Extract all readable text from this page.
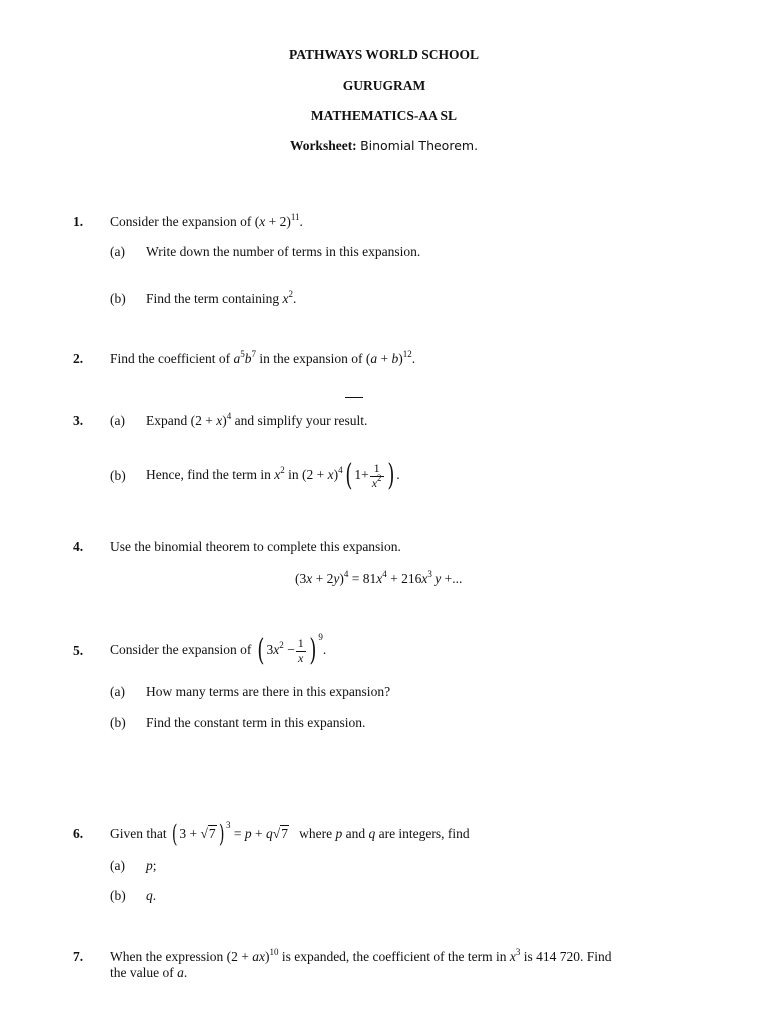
PATHWAYS WORLD SCHOOL
GURUGRAM
MATHEMATICS-AA SL
Worksheet: Binomial Theorem.
1.	Consider the expansion of $(x + 2)^{11}$.
(a) Write down the number of terms in this expansion.
(b) Find the term containing $x^2$.
2.	Find the coefficient of $a^5b^7$ in the expansion of $(a + b)^{12}$.
3.	(a) Expand $(2 + x)^4$ and simplify your result.
(b) Hence, find the term in $x^2$ in $(2 + x)^4$( $1+ \frac{1}{x^2}$ ) .
4.	Use the binomial theorem to complete this expansion.
$(3x + 2y)^4 = 81x^4 + 216x^3$ y +...
5.	Consider the expansion of ( $3x^2 - \frac{1}{x}$ ) $^9$.
(a) How many terms are there in this expansion?
(b) Find the constant term in this expansion.
6.	Given that ( 3 + √7 ) $^3$ = p + q√7 where p and q are integers, find
(a) p;
(b) q.
7.	When the expression (2 + ax)$^{10}$ is expanded, the coefficient of the term in $x^3$ is 414 720. Find
the value of a.
